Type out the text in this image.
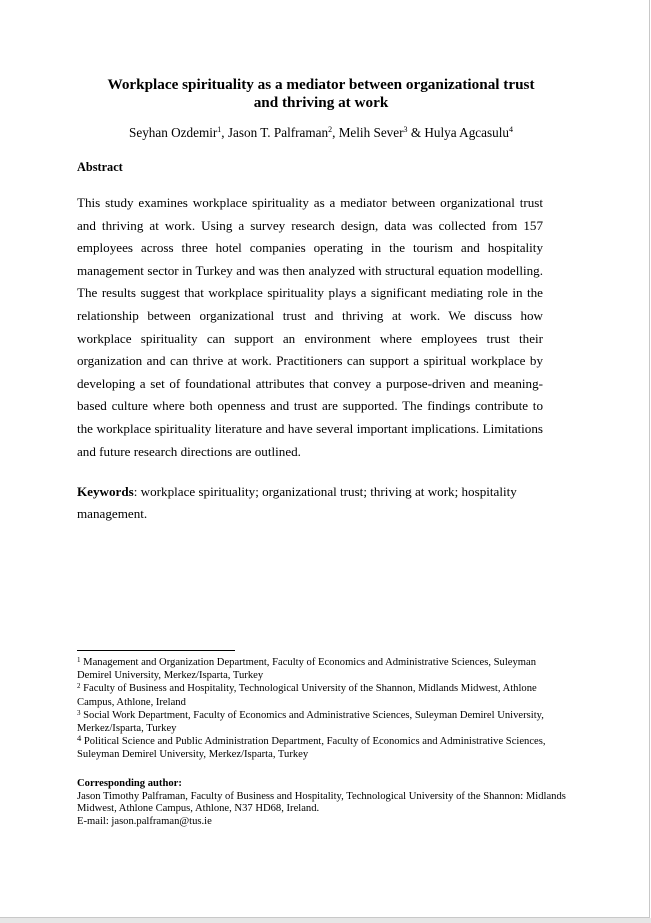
Workplace spirituality as a mediator between organizational trust
and thriving at work
Seyhan Ozdemir$^1$, Jason T. Palframan$^2$, Melih Sever$^3$ & Hulya Agcasulu$^4$
Abstract
This study examines workplace spirituality as a mediator between organizational trust and thriving at work. Using a survey research design, data was collected from 157 employees across three hotel companies operating in the tourism and hospitality management sector in Turkey and was then analyzed with structural equation modelling. The results suggest that workplace spirituality plays a significant mediating role in the relationship between organizational trust and thriving at work. We discuss how workplace spirituality can support an environment where employees trust their organization and can thrive at work. Practitioners can support a spiritual workplace by developing a set of foundational attributes that convey a purpose-driven and meaning-based culture where both openness and trust are supported. The findings contribute to the workplace spirituality literature and have several important implications. Limitations and future research directions are outlined.
Keywords: workplace spirituality; organizational trust; thriving at work; hospitality management.

$^1$ Management and Organization Department, Faculty of Economics and Administrative Sciences, Suleyman Demirel University, Merkez/Isparta, Turkey

$^2$ Faculty of Business and Hospitality, Technological University of the Shannon, Midlands Midwest, Athlone Campus, Athlone, Ireland

$^3$ Social Work Department, Faculty of Economics and Administrative Sciences, Suleyman Demirel University, Merkez/Isparta, Turkey

$^4$ Political Science and Public Administration Department, Faculty of Economics and Administrative Sciences, Suleyman Demirel University, Merkez/Isparta, Turkey

Corresponding author:
Jason Timothy Palframan, Faculty of Business and Hospitality, Technological University of the Shannon: Midlands Midwest, Athlone Campus, Athlone, N37 HD68, Ireland.
E-mail: jason.palframan@tus.ie
